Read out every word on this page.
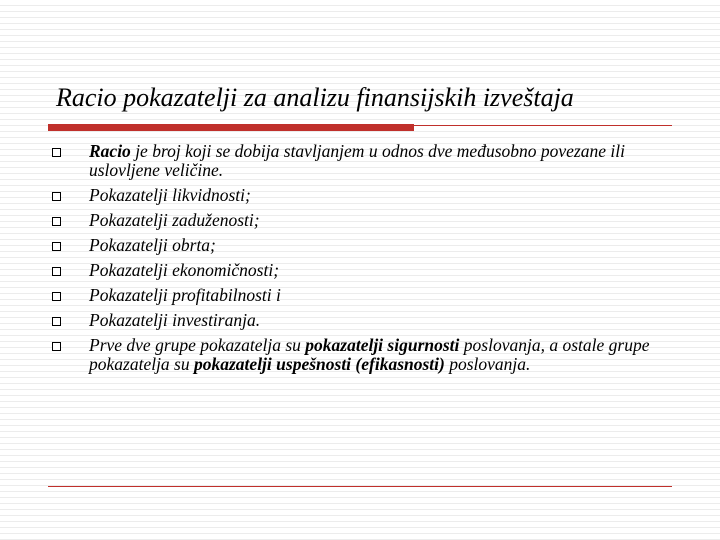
Racio pokazatelji za analizu finansijskih izveštaja
Racio je broj koji se dobija stavljanjem u odnos dve međusobno povezane ili uslovljene veličine.
Pokazatelji likvidnosti;
Pokazatelji zaduženosti;
Pokazatelji obrta;
Pokazatelji ekonomičnosti;
Pokazatelji profitabilnosti i
Pokazatelji investiranja.
Prve dve grupe pokazatelja su pokazatelji sigurnosti poslovanja, a ostale grupe pokazatelja su pokazatelji uspešnosti (efikasnosti) poslovanja.
